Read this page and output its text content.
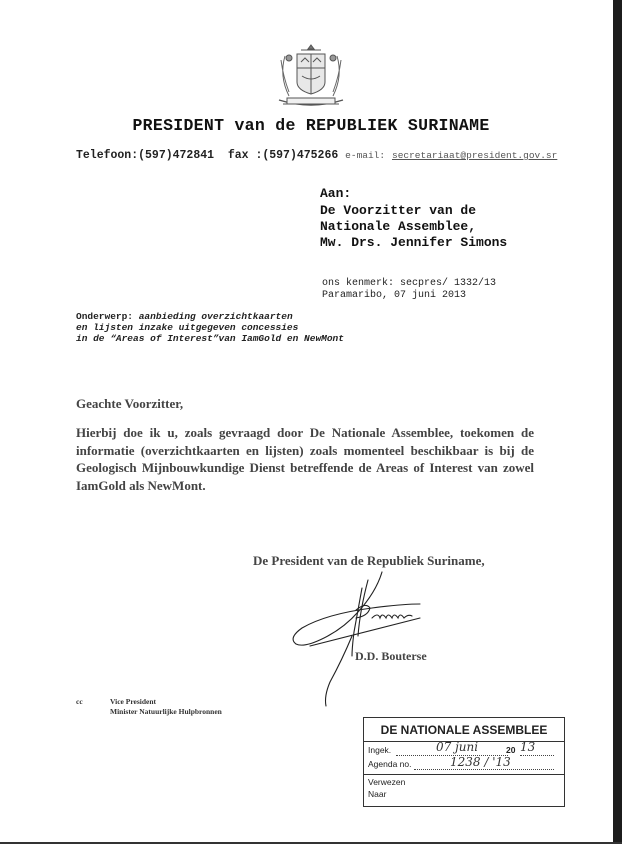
PRESIDENT van de REPUBLIEK SURINAME
Telefoon:(597)472841 fax :(597)475266 e-mail: secretariaat@president.gov.sr
Aan:
De Voorzitter van de
Nationale Assemblee,
Mw. Drs. Jennifer Simons
ons kenmerk: secpres/ 1332/13
Paramaribo, 07 juni 2013
Onderwerp: aanbieding overzichtkaarten
en lijsten inzake uitgegeven concessies
in de “Areas of Interest”van IamGold en NewMont
Geachte Voorzitter,
Hierbij doe ik u, zoals gevraagd door De Nationale Assemblee, toekomen de informatie (overzichtkaarten en lijsten) zoals momenteel beschikbaar is bij de Geologisch Mijnbouwkundige Dienst betreffende de Areas of Interest van zowel IamGold als NewMont.
De President van de Republiek Suriname,
D.D. Bouterse
cc	Vice President
Minister Natuurlijke Hulpbronnen
DE NATIONALE ASSEMBLEE
Ingek.	07 juni	20 13
Agenda no.	1238 / '13
Verwezen
Naar
